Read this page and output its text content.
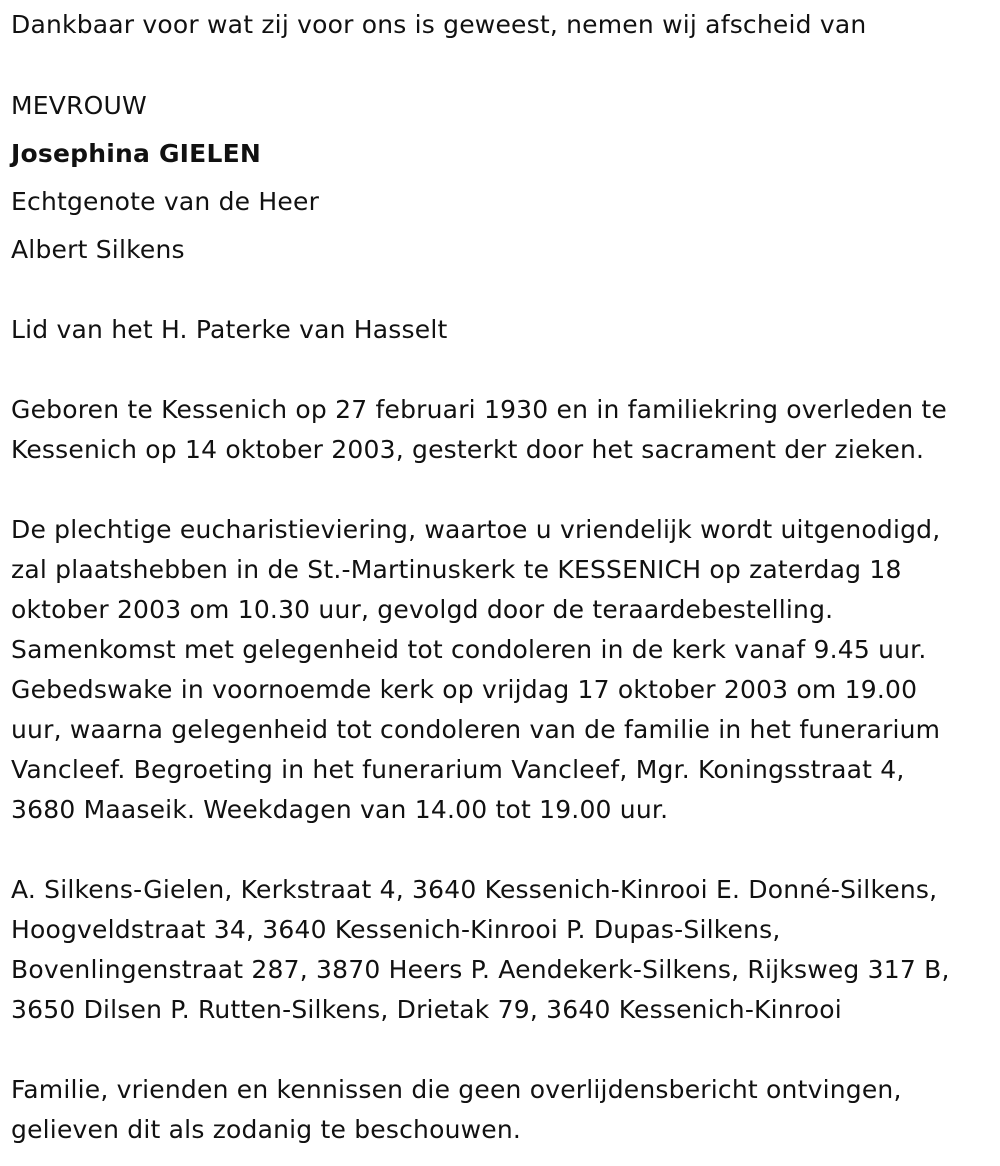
Dankbaar voor wat zij voor ons is geweest, nemen wij afscheid van

MEVROUW

Josephina GIELEN

Echtgenote van de Heer

Albert Silkens

Lid van het H. Paterke van Hasselt

Geboren te Kessenich op 27 februari 1930 en in familiekring overleden te
Kessenich op 14 oktober 2003, gesterkt door het sacrament der zieken.
De plechtige eucharistieviering, waartoe u vriendelijk wordt uitgenodigd,
zal plaatshebben in de St.-Martinuskerk te KESSENICH op zaterdag 18
oktober 2003 om 10.30 uur, gevolgd door de teraardebestelling.
Samenkomst met gelegenheid tot condoleren in de kerk vanaf 9.45 uur.
Gebedswake in voornoemde kerk op vrijdag 17 oktober 2003 om 19.00
uur, waarna gelegenheid tot condoleren van de familie in het funerarium
Vancleef. Begroeting in het funerarium Vancleef, Mgr. Koningsstraat 4,
3680 Maaseik. Weekdagen van 14.00 tot 19.00 uur.
A. Silkens-Gielen, Kerkstraat 4, 3640 Kessenich-Kinrooi E. Donné-Silkens,
Hoogveldstraat 34, 3640 Kessenich-Kinrooi P. Dupas-Silkens,
Bovenlingenstraat 287, 3870 Heers P. Aendekerk-Silkens, Rijksweg 317 B,
3650 Dilsen P. Rutten-Silkens, Drietak 79, 3640 Kessenich-Kinrooi
Familie, vrienden en kennissen die geen overlijdensbericht ontvingen,
gelieven dit als zodanig te beschouwen.
